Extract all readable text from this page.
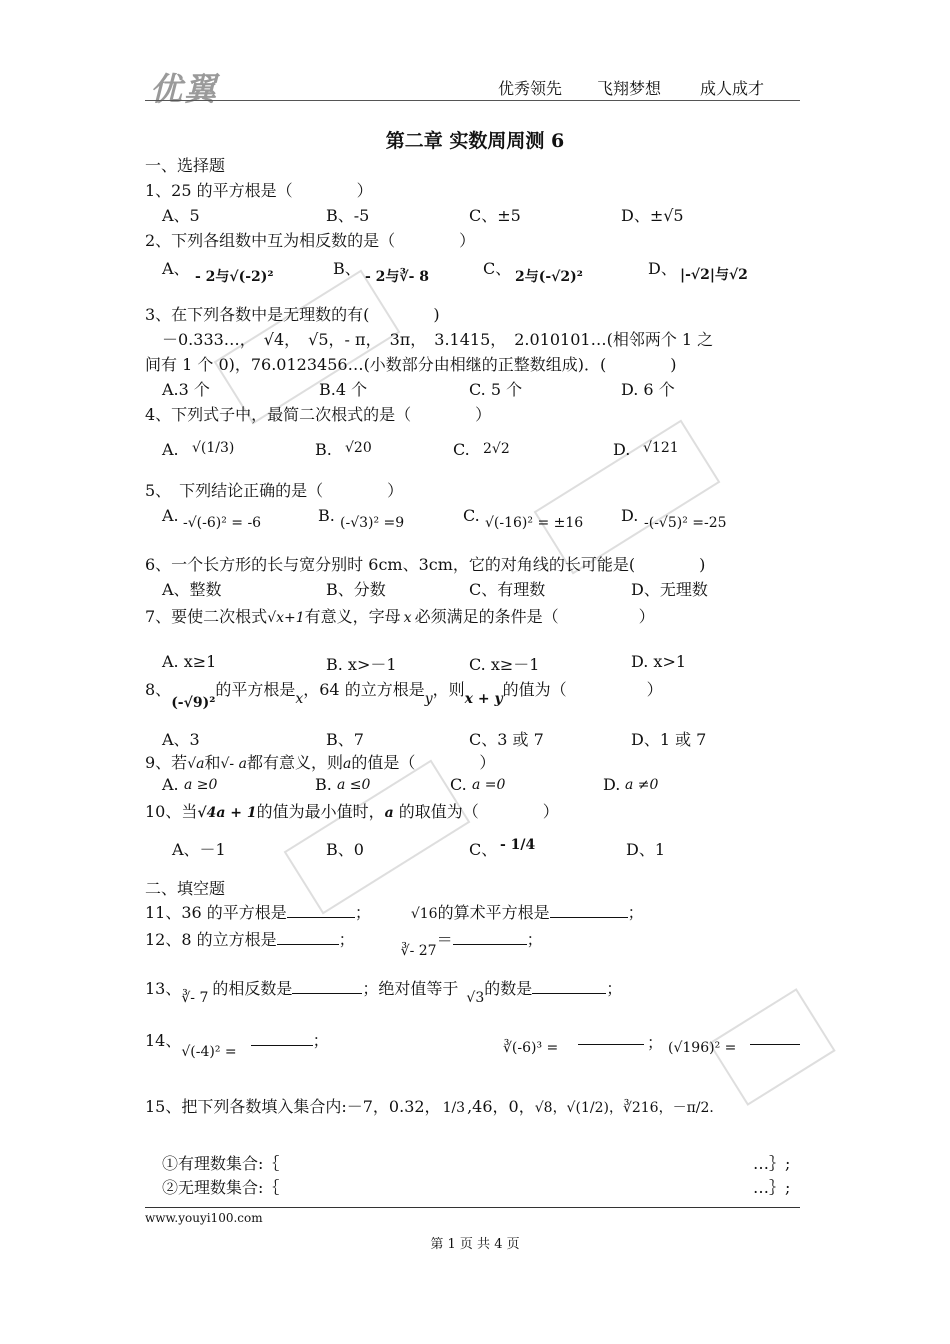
优翼	优秀领先 飞翔梦想 成人成才
第二章 实数周周测 6
一、选择题
1、25 的平方根是（　　　　）
A、5	B、-5	C、±5	D、±√5
2、下列各组数中互为相反数的是（　　　　）
A、 - 2与√(-2)²	B、 - 2与∛- 8	C、 2与(-√2)²	D、 |-√2|与√2
3、在下列各数中是无理数的有(　　　　)
－0.333…，　√4，　√5，- π，　3π，　3.1415，　2.010101…(相邻两个 1 之
间有 1 个 0)，76.0123456…(小数部分由相继的正整数组成)．(　　　　)
A.3 个	B.4 个	C. 5 个	D. 6 个
4、下列式子中，最简二次根式的是（　　　　）
A. √(1/3)	B. √20	C. 2√2	D. √121
5、　下列结论正确的是（　　　　）
A. -√(-6)² = -6	B. (-√3)² =9	C. √(-16)² = ±16 D. -(-√5)² =-25
6、一个长方形的长与宽分别时 6cm、3cm，它的对角线的长可能是(　　　　)
A、整数	B、分数	C、有理数	D、无理数
7、要使二次根式√x+1有意义，字母 x 必须满足的条件是（　　　　　）
A. x≥1	B. x>－1	C. x≥－1	D. x>1
8、(-√9)²的平方根是x，64 的立方根是y，则x + y的值为（　　　　　）
A、3	B、7	C、3 或 7	D、1 或 7
9、若√a和√- a都有意义，则a的值是（　　　　）
A. a ≥0	B. a ≤0	C. a =0	D. a ≠0
10、当√4a + 1的值为最小值时，a 的取值为（　　　　）
A、－1	B、0	C、 - 1/4	D、1
二、填空题
11、36 的平方根是	；	√16的算术平方根是	；
12、8 的立方根是	；∛- 27＝	；
13、∛- 7 的相反数是	；绝对值等于 √3的数是	；
14、√(-4)² =；	∛(-6)³ =	； (√196)² =
15、把下列各数填入集合内:－7，0.32， 1/3 ,46，0，√8，√(1/2)，∛216，－π/2．
①有理数集合:｛	…｝;
②无理数集合:｛	…｝;
www.youyi100.com
第 1 页 共 4 页
